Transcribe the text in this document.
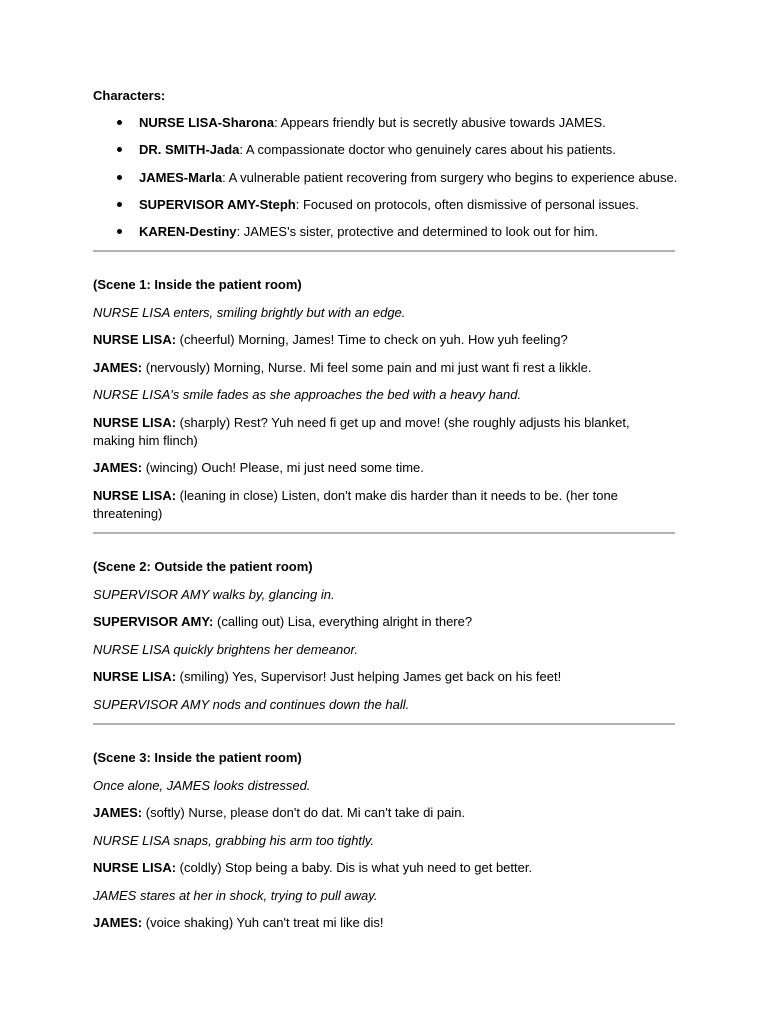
Characters:
NURSE LISA-Sharona: Appears friendly but is secretly abusive towards JAMES.
DR. SMITH-Jada: A compassionate doctor who genuinely cares about his patients.
JAMES-Marla: A vulnerable patient recovering from surgery who begins to experience abuse.
SUPERVISOR AMY-Steph: Focused on protocols, often dismissive of personal issues.
KAREN-Destiny: JAMES's sister, protective and determined to look out for him.

(Scene 1: Inside the patient room)

NURSE LISA enters, smiling brightly but with an edge.

NURSE LISA: (cheerful) Morning, James! Time to check on yuh. How yuh feeling?

JAMES: (nervously) Morning, Nurse. Mi feel some pain and mi just want fi rest a likkle.

NURSE LISA's smile fades as she approaches the bed with a heavy hand.

NURSE LISA: (sharply) Rest? Yuh need fi get up and move! (she roughly adjusts his blanket, making him flinch)

JAMES: (wincing) Ouch! Please, mi just need some time.

NURSE LISA: (leaning in close) Listen, don't make dis harder than it needs to be. (her tone threatening)

(Scene 2: Outside the patient room)

SUPERVISOR AMY walks by, glancing in.

SUPERVISOR AMY: (calling out) Lisa, everything alright in there?

NURSE LISA quickly brightens her demeanor.

NURSE LISA: (smiling) Yes, Supervisor! Just helping James get back on his feet!

SUPERVISOR AMY nods and continues down the hall.

(Scene 3: Inside the patient room)

Once alone, JAMES looks distressed.

JAMES: (softly) Nurse, please don't do dat. Mi can't take di pain.

NURSE LISA snaps, grabbing his arm too tightly.

NURSE LISA: (coldly) Stop being a baby. Dis is what yuh need to get better.

JAMES stares at her in shock, trying to pull away.

JAMES: (voice shaking) Yuh can't treat mi like dis!
